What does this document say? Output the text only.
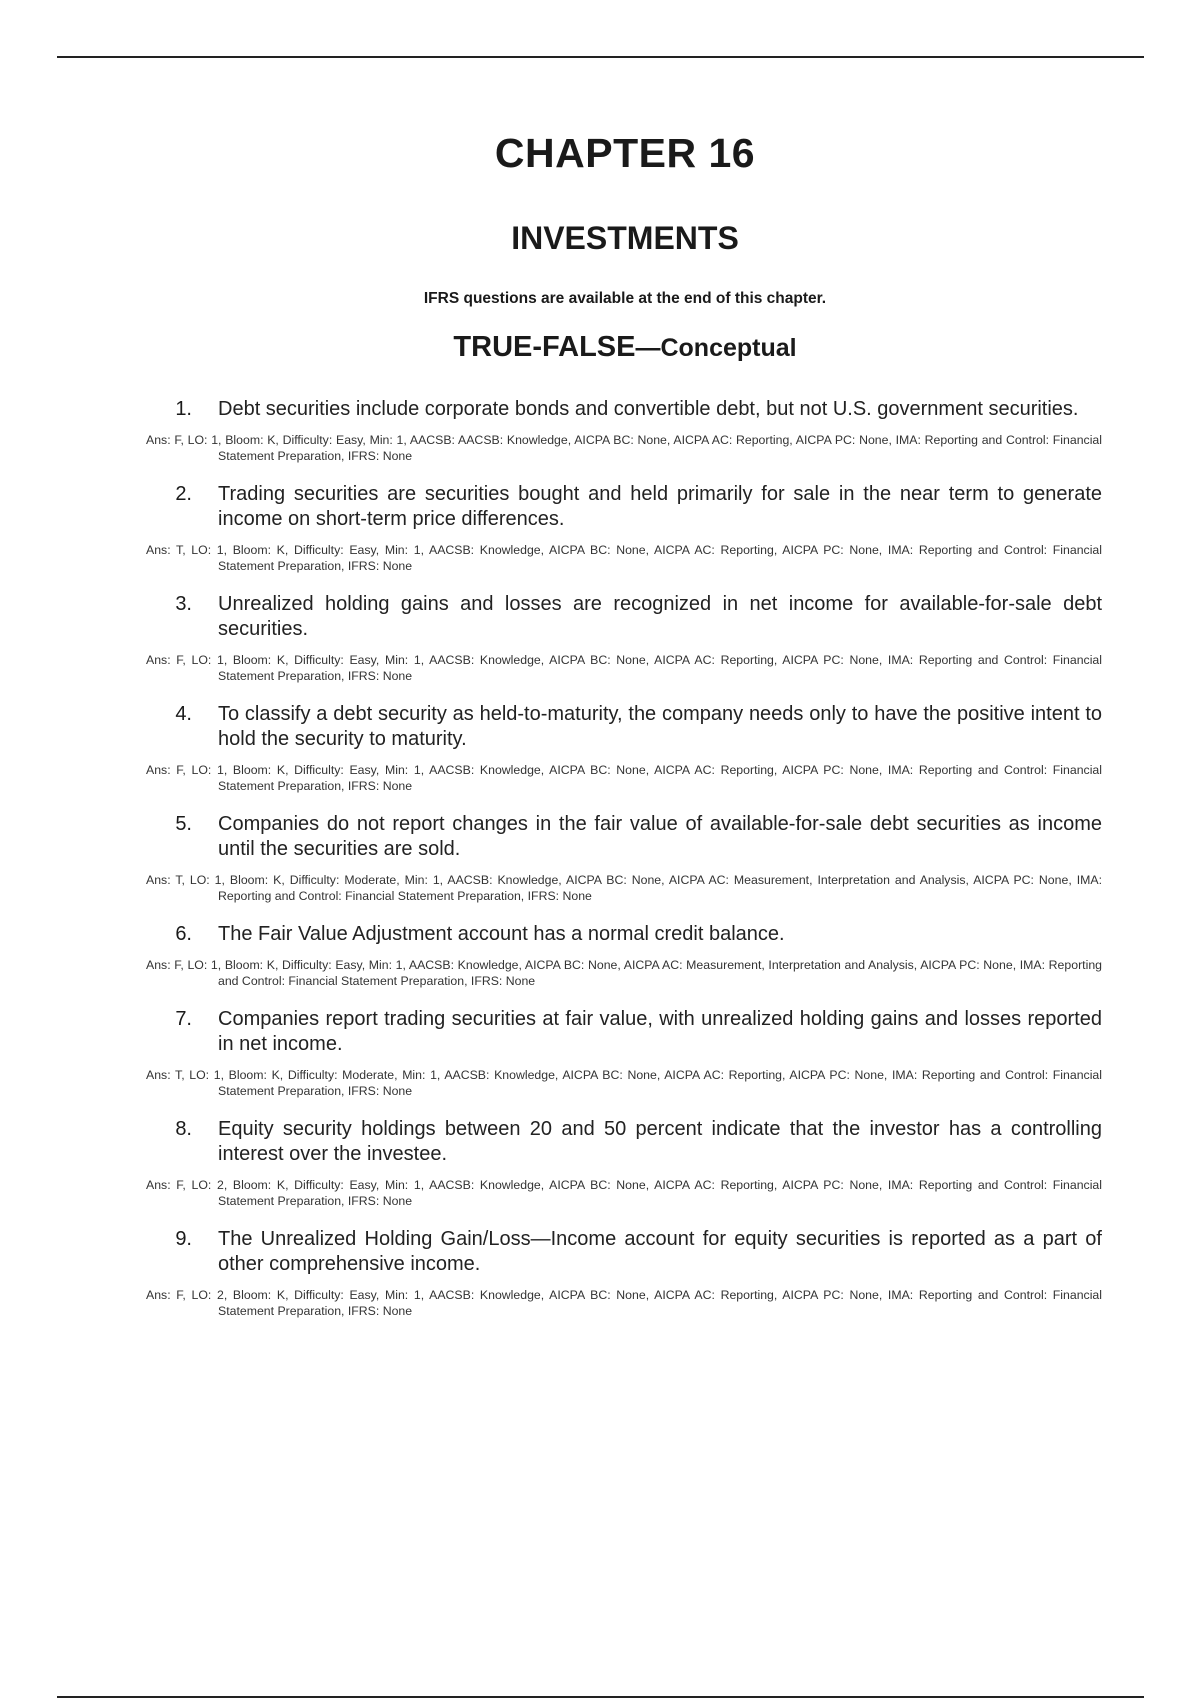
CHAPTER 16
INVESTMENTS

IFRS questions are available at the end of this chapter.

TRUE-FALSE—Conceptual
1. Debt securities include corporate bonds and convertible debt, but not U.S. government securities.

Ans: F, LO: 1, Bloom: K, Difficulty: Easy, Min: 1, AACSB: AACSB: Knowledge, AICPA BC: None, AICPA AC: Reporting, AICPA PC: None, IMA: Reporting and Control: Financial Statement Preparation, IFRS: None

2. Trading securities are securities bought and held primarily for sale in the near term to generate income on short-term price differences.

Ans: T, LO: 1, Bloom: K, Difficulty: Easy, Min: 1, AACSB: Knowledge, AICPA BC: None, AICPA AC: Reporting, AICPA PC: None, IMA: Reporting and Control: Financial Statement Preparation, IFRS: None

3. Unrealized holding gains and losses are recognized in net income for available-for-sale debt securities.

Ans: F, LO: 1, Bloom: K, Difficulty: Easy, Min: 1, AACSB: Knowledge, AICPA BC: None, AICPA AC: Reporting, AICPA PC: None, IMA: Reporting and Control: Financial Statement Preparation, IFRS: None

4. To classify a debt security as held-to-maturity, the company needs only to have the positive intent to hold the security to maturity.

Ans: F, LO: 1, Bloom: K, Difficulty: Easy, Min: 1, AACSB: Knowledge, AICPA BC: None, AICPA AC: Reporting, AICPA PC: None, IMA: Reporting and Control: Financial Statement Preparation, IFRS: None

5. Companies do not report changes in the fair value of available-for-sale debt securities as income until the securities are sold.

Ans: T, LO: 1, Bloom: K, Difficulty: Moderate, Min: 1, AACSB: Knowledge, AICPA BC: None, AICPA AC: Measurement, Interpretation and Analysis, AICPA PC: None, IMA: Reporting and Control: Financial Statement Preparation, IFRS: None

6. The Fair Value Adjustment account has a normal credit balance.

Ans: F, LO: 1, Bloom: K, Difficulty: Easy, Min: 1, AACSB: Knowledge, AICPA BC: None, AICPA AC: Measurement, Interpretation and Analysis, AICPA PC: None, IMA: Reporting and Control: Financial Statement Preparation, IFRS: None

7. Companies report trading securities at fair value, with unrealized holding gains and losses reported in net income.

Ans: T, LO: 1, Bloom: K, Difficulty: Moderate, Min: 1, AACSB: Knowledge, AICPA BC: None, AICPA AC: Reporting, AICPA PC: None, IMA: Reporting and Control: Financial Statement Preparation, IFRS: None

8. Equity security holdings between 20 and 50 percent indicate that the investor has a controlling interest over the investee.

Ans: F, LO: 2, Bloom: K, Difficulty: Easy, Min: 1, AACSB: Knowledge, AICPA BC: None, AICPA AC: Reporting, AICPA PC: None, IMA: Reporting and Control: Financial Statement Preparation, IFRS: None

9. The Unrealized Holding Gain/Loss—Income account for equity securities is reported as a part of other comprehensive income.

Ans: F, LO: 2, Bloom: K, Difficulty: Easy, Min: 1, AACSB: Knowledge, AICPA BC: None, AICPA AC: Reporting, AICPA PC: None, IMA: Reporting and Control: Financial Statement Preparation, IFRS: None
